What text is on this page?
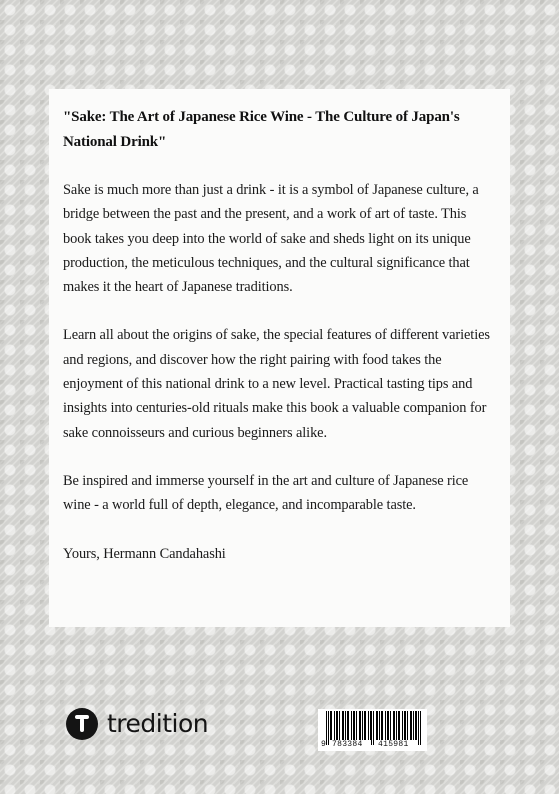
"Sake: The Art of Japanese Rice Wine - The Culture of Japan's National Drink"

Sake is much more than just a drink - it is a symbol of Japanese culture, a bridge between the past and the present, and a work of art of taste. This book takes you deep into the world of sake and sheds light on its unique production, the meticulous techniques, and the cultural significance that makes it the heart of Japanese traditions.

Learn all about the origins of sake, the special features of different varieties and regions, and discover how the right pairing with food takes the enjoyment of this national drink to a new level. Practical tasting tips and insights into centuries-old rituals make this book a valuable companion for sake connoisseurs and curious beginners alike.

Be inspired and immerse yourself in the art and culture of Japanese rice wine - a world full of depth, elegance, and incomparable taste.

Yours, Hermann Candahashi

tredition
9 783384 415981
